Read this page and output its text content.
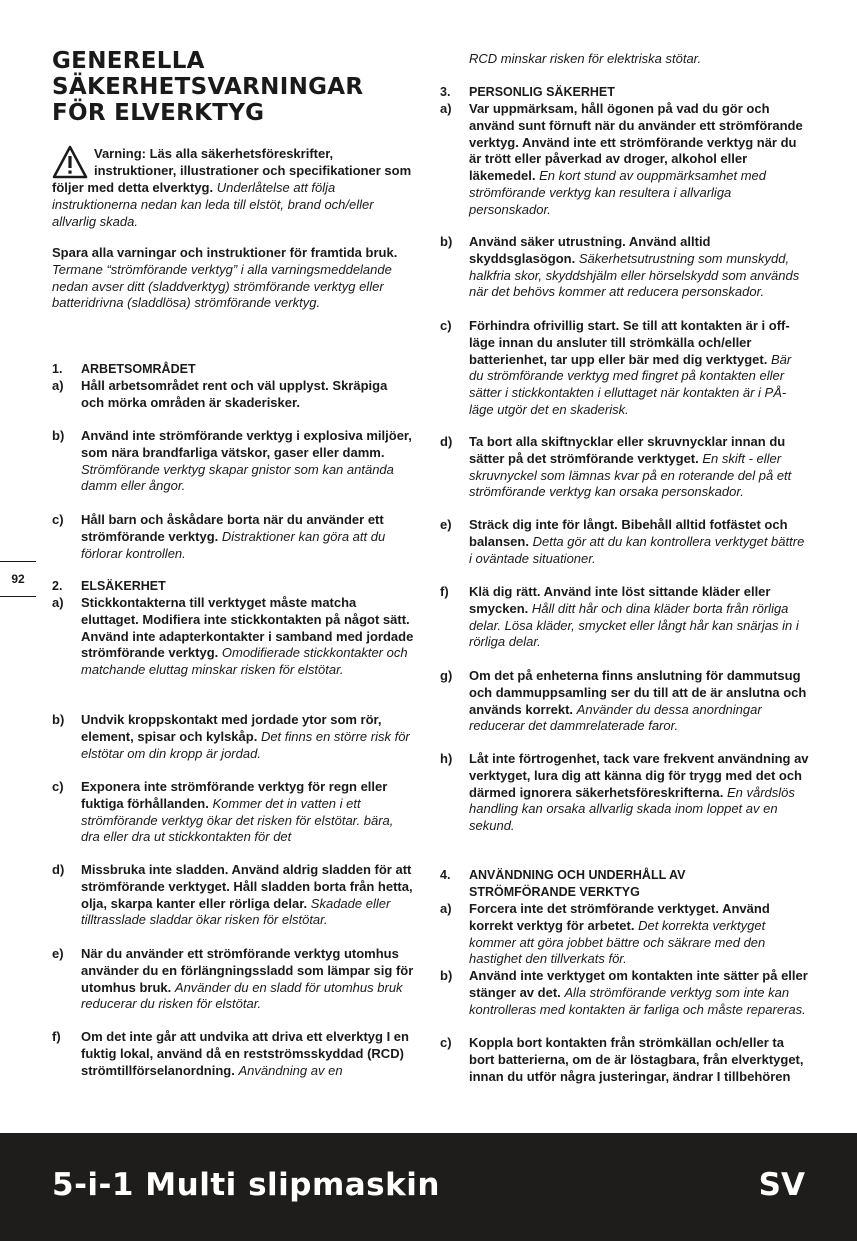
GENERELLA
SÄKERHETSVARNINGAR
FÖR ELVERKTYG
Varning: Läs alla säkerhetsföreskrifter, instruktioner, illustrationer och specifikationer som följer med detta elverktyg. Underlåtelse att följa instruktionerna nedan kan leda till elstöt, brand och/eller allvarlig skada.
Spara alla varningar och instruktioner för framtida bruk.
Termane “strömförande verktyg” i alla varningsmeddelande nedan avser ditt (sladdverktyg) strömförande verktyg eller batteridrivna (sladdlösa) strömförande verktyg.
1. ARBETSOMRÅDET
a) Håll arbetsområdet rent och väl upplyst. Skräpiga och mörka områden är skaderisker.
b) Använd inte strömförande verktyg i explosiva miljöer, som nära brandfarliga vätskor, gaser eller damm. Strömförande verktyg skapar gnistor som kan antända damm eller ångor.
c) Håll barn och åskådare borta när du använder ett strömförande verktyg. Distraktioner kan göra att du förlorar kontrollen.
2. ELSÄKERHET
a) Stickkontakterna till verktyget måste matcha eluttaget. Modifiera inte stickkontakten på något sätt. Använd inte adapterkontakter i samband med jordade strömförande verktyg. Omodifierade stickkontakter och matchande eluttag minskar risken för elstötar.
b) Undvik kroppskontakt med jordade ytor som rör, element, spisar och kylskåp. Det finns en större risk för elstötar om din kropp är jordad.
c) Exponera inte strömförande verktyg för regn eller fuktiga förhållanden. Kommer det in vatten i ett strömförande verktyg ökar det risken för elstötar. bära, dra eller dra ut stickkontakten för det
d) Missbruka inte sladden. Använd aldrig sladden för att strömförande verktyget. Håll sladden borta från hetta, olja, skarpa kanter eller rörliga delar. Skadade eller tilltrasslade sladdar ökar risken för elstötar.
e) När du använder ett strömförande verktyg utomhus använder du en förlängningssladd som lämpar sig för utomhus bruk. Använder du en sladd för utomhus bruk reducerar du risken för elstötar.
f) Om det inte går att undvika att driva ett elverktyg I en fuktig lokal, använd då en restströmsskyddad (RCD) strömtillförselanordning. Användning av en
RCD minskar risken för elektriska stötar.
3. PERSONLIG SÄKERHET
a) Var uppmärksam, håll ögonen på vad du gör och använd sunt förnuft när du använder ett strömförande verktyg. Använd inte ett strömförande verktyg när du är trött eller påverkad av droger, alkohol eller läkemedel. En kort stund av ouppmärksamhet med strömförande verktyg kan resultera i allvarliga personskador.
b) Använd säker utrustning. Använd alltid skyddsglasögon. Säkerhetsutrustning som munskydd, halkfria skor, skyddshjälm eller hörselskydd som används när det behövs kommer att reducera personskador.
c) Förhindra ofrivillig start. Se till att kontakten är i off-läge innan du ansluter till strömkälla och/eller batterienhet, tar upp eller bär med dig verktyget. Bär du strömförande verktyg med fingret på kontakten eller sätter i stickkontakten i elluttaget när kontakten är i PÅ-läge utgör det en skaderisk.
d) Ta bort alla skiftnycklar eller skruvnycklar innan du sätter på det strömförande verktyget. En skift - eller skruvnyckel som lämnas kvar på en roterande del på ett strömförande verktyg kan orsaka personskador.
e) Sträck dig inte för långt. Bibehåll alltid fotfästet och balansen. Detta gör att du kan kontrollera verktyget bättre i oväntade situationer.
f) Klä dig rätt. Använd inte löst sittande kläder eller smycken. Håll ditt hår och dina kläder borta från rörliga delar. Lösa kläder, smycket eller långt hår kan snärjas in i rörliga delar.
g) Om det på enheterna finns anslutning för dammutsug och dammuppsamling ser du till att de är anslutna och används korrekt. Använder du dessa anordningar reducerar det dammrelaterade faror.
h) Låt inte förtrogenhet, tack vare frekvent användning av verktyget, lura dig att känna dig för trygg med det och därmed ignorera säkerhetsföreskrifterna. En vårdslös handling kan orsaka allvarlig skada inom loppet av en sekund.
4.	ANVÄNDNING OCH UNDERHÅLL AV STRÖMFÖRANDE VERKTYG
a) Forcera inte det strömförande verktyget. Använd korrekt verktyg för arbetet. Det korrekta verktyget kommer att göra jobbet bättre och säkrare med den hastighet den tillverkats för.
b) Använd inte verktyget om kontakten inte sätter på eller stänger av det. Alla strömförande verktyg som inte kan kontrolleras med kontakten är farliga och måste repareras.
c) Koppla bort kontakten från strömkällan och/eller ta bort batterierna, om de är löstagbara, från elverktyget, innan du utför några justeringar, ändrar I tillbehören
92
5-i-1 Multi slipmaskin	SV
